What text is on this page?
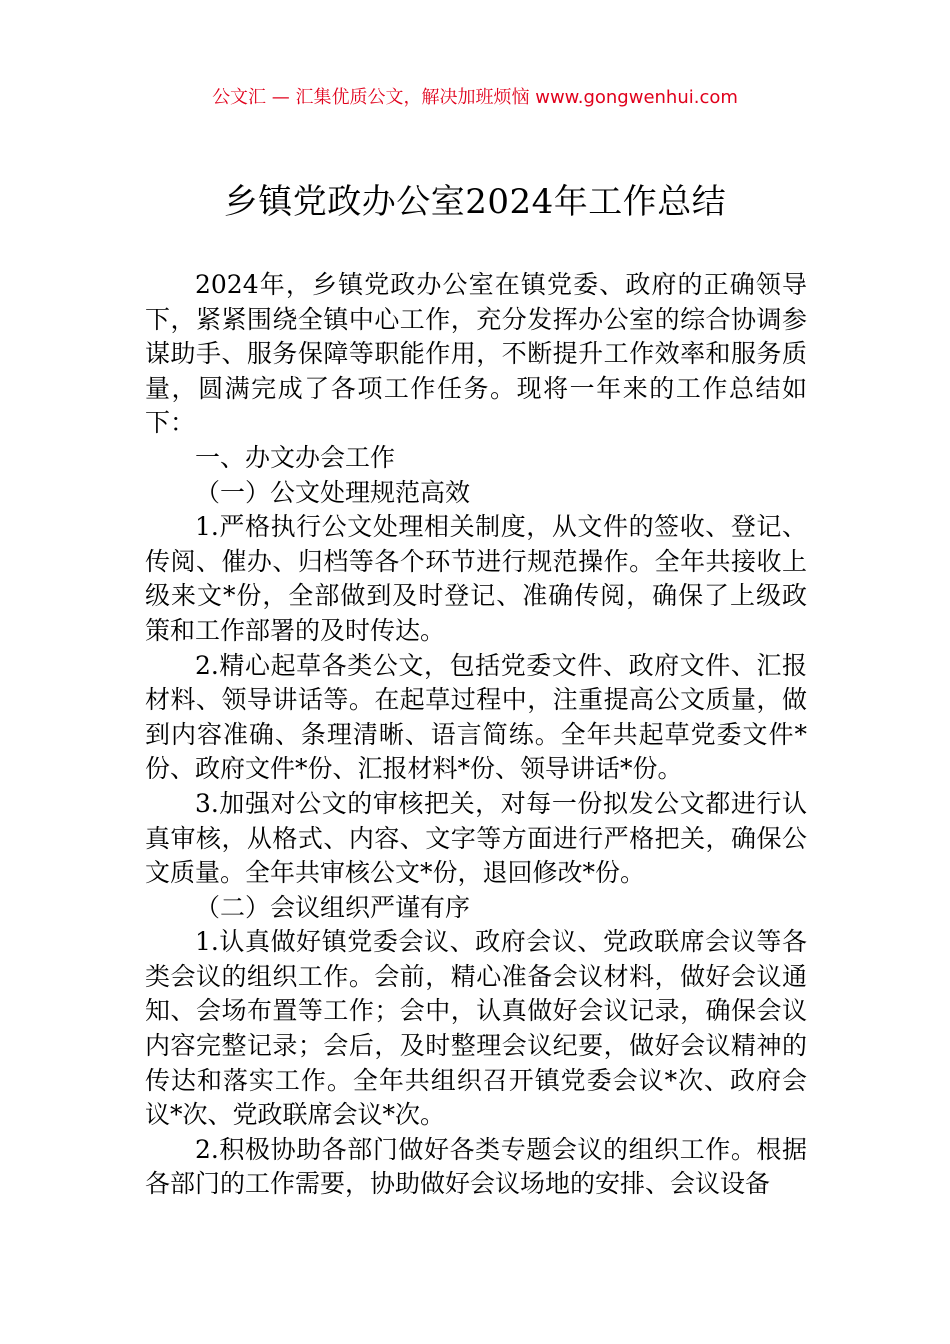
公文汇 — 汇集优质公文，解决加班烦恼 www.gongwenhui.com
乡镇党政办公室2024年工作总结

2024年，乡镇党政办公室在镇党委、政府的正确领导下，紧紧围绕全镇中心工作，充分发挥办公室的综合协调参谋助手、服务保障等职能作用，不断提升工作效率和服务质量，圆满完成了各项工作任务。现将一年来的工作总结如下：

一、办文办会工作

（一）公文处理规范高效

1.严格执行公文处理相关制度，从文件的签收、登记、传阅、催办、归档等各个环节进行规范操作。全年共接收上级来文*份，全部做到及时登记、准确传阅，确保了上级政策和工作部署的及时传达。

2.精心起草各类公文，包括党委文件、政府文件、汇报材料、领导讲话等。在起草过程中，注重提高公文质量，做到内容准确、条理清晰、语言简练。全年共起草党委文件*份、政府文件*份、汇报材料*份、领导讲话*份。

3.加强对公文的审核把关，对每一份拟发公文都进行认真审核，从格式、内容、文字等方面进行严格把关，确保公文质量。全年共审核公文*份，退回修改*份。

（二）会议组织严谨有序

1.认真做好镇党委会议、政府会议、党政联席会议等各类会议的组织工作。会前，精心准备会议材料，做好会议通知、会场布置等工作；会中，认真做好会议记录，确保会议内容完整记录；会后，及时整理会议纪要，做好会议精神的传达和落实工作。全年共组织召开镇党委会议*次、政府会议*次、党政联席会议*次。

2.积极协助各部门做好各类专题会议的组织工作。根据各部门的工作需要，协助做好会议场地的安排、会议设备
